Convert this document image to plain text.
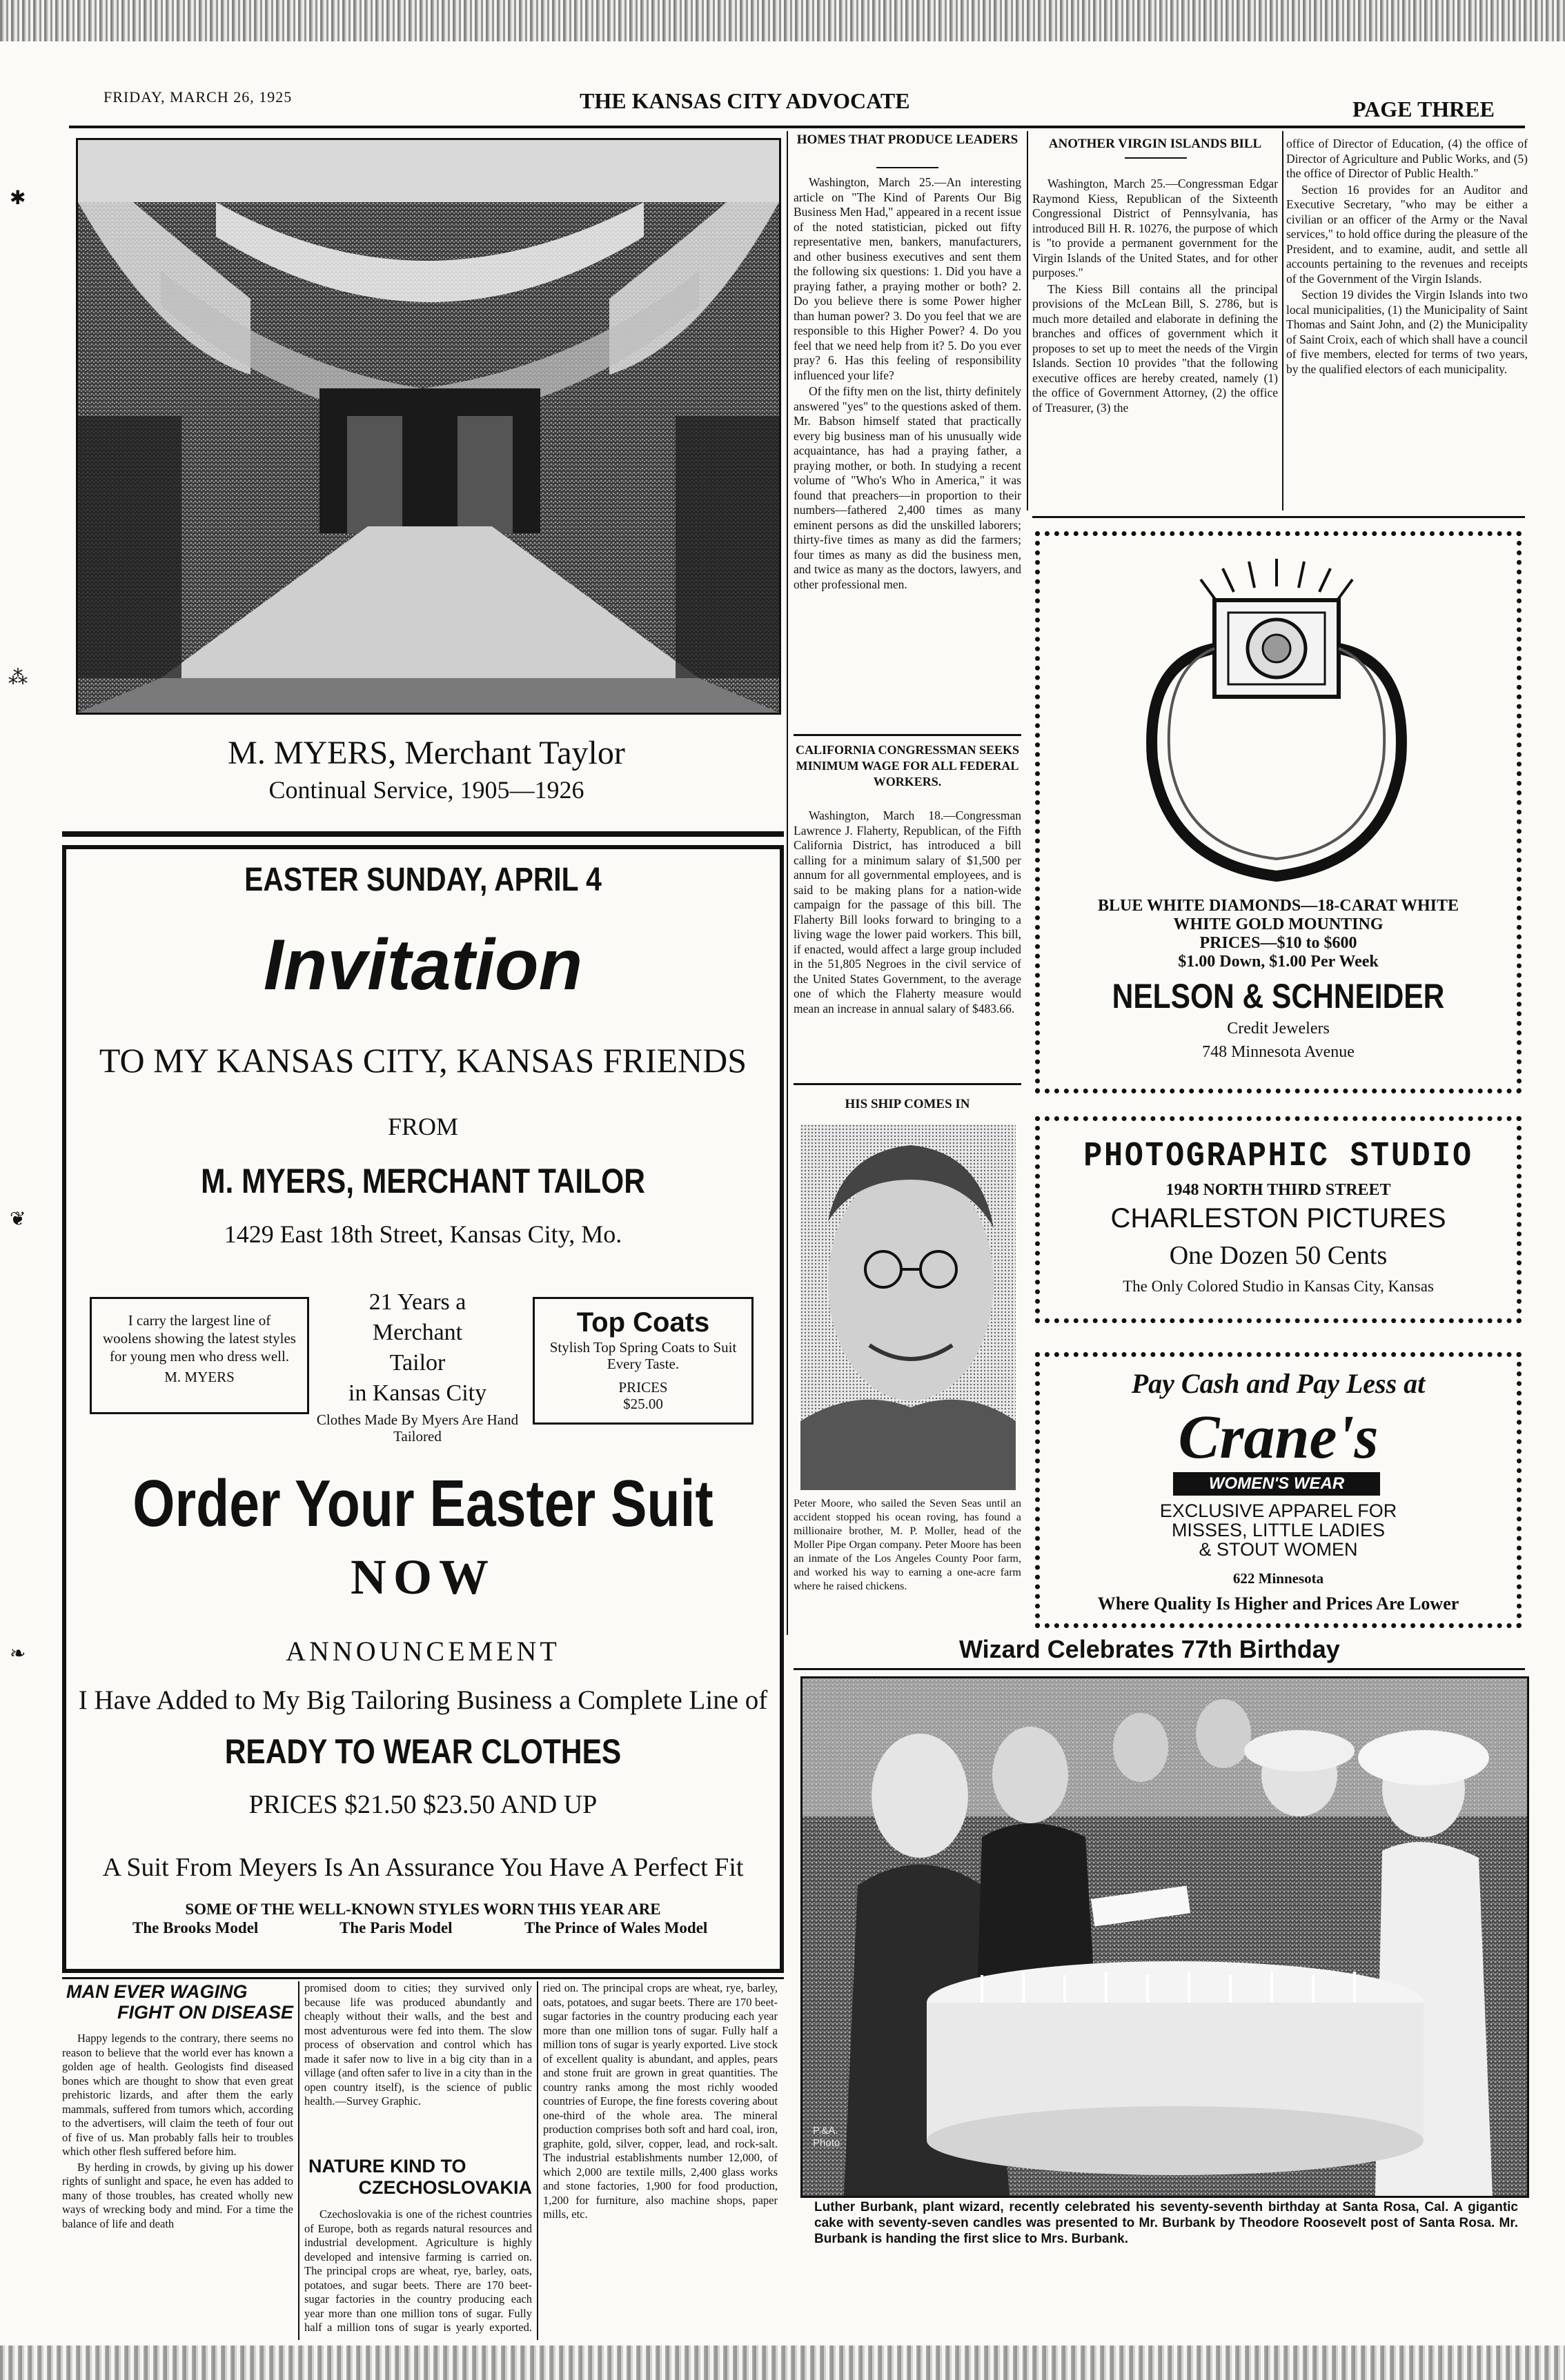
FRIDAY, MARCH 26, 1925	THE KANSAS CITY ADVOCATE	PAGE THREE
M. MYERS, Merchant Taylor
Continual Service, 1905—1926
EASTER SUNDAY, APRIL 4
Invitation
TO MY KANSAS CITY, KANSAS FRIENDS
FROM
M. MYERS, MERCHANT TAILOR
1429 East 18th Street, Kansas City, Mo.
I carry the largest line of woolens showing the latest styles for young men who dress well.
M. MYERS
21 Years a
Merchant
Tailor
in Kansas City
Clothes Made By Myers Are Hand Tailored
Top Coats
Stylish Top Spring Coats to Suit Every Taste.
PRICES
$25.00
Order Your Easter Suit
NOW
ANNOUNCEMENT
I Have Added to My Big Tailoring Business a Complete Line of
READY TO WEAR CLOTHES
PRICES $21.50 $23.50 AND UP
A Suit From Meyers Is An Assurance You Have A Perfect Fit
SOME OF THE WELL-KNOWN STYLES WORN THIS YEAR ARE
The Brooks Model	The Paris Model	The Prince of Wales Model
MAN EVER WAGING
FIGHT ON DISEASE

Happy legends to the contrary, there seems no reason to believe that the world ever has known a golden age of health. Geologists find diseased bones which are thought to show that even great prehistoric lizards, and after them the early mammals, suffered from tumors which, according to the advertisers, will claim the teeth of four out of five of us. Man probably falls heir to troubles which other flesh suffered before him.

By herding in crowds, by giving up his dower rights of sunlight and space, he even has added to many of those troubles, has created wholly new ways of wrecking body and mind. For a time the balance of life and death

promised doom to cities; they survived only because life was produced abundantly and cheaply without their walls, and the best and most adventurous were fed into them. The slow process of observation and control which has made it safer now to live in a big city than in a village (and often safer to live in a city than in the open country itself), is the science of public health.—Survey Graphic.

NATURE KIND TO
CZECHOSLOVAKIA

Czechoslovakia is one of the richest countries of Europe, both as regards natural resources and industrial development. Agriculture is highly developed and intensive farming is carried on. The principal crops are wheat, rye, barley, oats, potatoes, and sugar beets. There are 170 beet-sugar factories in the country producing each year more than one million tons of sugar. Fully half a million tons of sugar is yearly exported.

ried on. The principal crops are wheat, rye, barley, oats, potatoes, and sugar beets. There are 170 beet-sugar factories in the country producing each year more than one million tons of sugar. Fully half a million tons of sugar is yearly exported. Live stock of excellent quality is abundant, and apples, pears and stone fruit are grown in great quantities. The country ranks among the most richly wooded countries of Europe, the fine forests covering about one-third of the whole area. The mineral production comprises both soft and hard coal, iron, graphite, gold, silver, copper, lead, and rock-salt. The industrial establishments number 12,000, of which 2,000 are textile mills, 2,400 glass works and stone factories, 1,900 for food production, 1,200 for furniture, also machine shops, paper mills, etc.

HOMES THAT PRODUCE LEADERS

Washington, March 25.—An interesting article on "The Kind of Parents Our Big Business Men Had," appeared in a recent issue of the noted statistician, picked out fifty representative men, bankers, manufacturers, and other business executives and sent them the following six questions: 1. Did you have a praying father, a praying mother or both? 2. Do you believe there is some Power higher than human power? 3. Do you feel that we are responsible to this Higher Power? 4. Do you feel that we need help from it? 5. Do you ever pray? 6. Has this feeling of responsibility influenced your life?

Of the fifty men on the list, thirty definitely answered "yes" to the questions asked of them. Mr. Babson himself stated that practically every big business man of his unusually wide acquaintance, has had a praying father, a praying mother, or both. In studying a recent volume of "Who's Who in America," it was found that preachers—in proportion to their numbers—fathered 2,400 times as many eminent persons as did the unskilled laborers; thirty-five times as many as did the farmers; four times as many as did the business men, and twice as many as the doctors, lawyers, and other professional men.

CALIFORNIA CONGRESSMAN SEEKS MINIMUM WAGE FOR ALL FEDERAL WORKERS.

Washington, March 18.—Congressman Lawrence J. Flaherty, Republican, of the Fifth California District, has introduced a bill calling for a minimum salary of $1,500 per annum for all governmental employees, and is said to be making plans for a nation-wide campaign for the passage of this bill. The Flaherty Bill looks forward to bringing to a living wage the lower paid workers. This bill, if enacted, would affect a large group included in the 51,805 Negroes in the civil service of the United States Government, to the average one of which the Flaherty measure would mean an increase in annual salary of $483.66.

HIS SHIP COMES IN
Peter Moore, who sailed the Seven Seas until an accident stopped his ocean roving, has found a millionaire brother, M. P. Moller, head of the Moller Pipe Organ company. Peter Moore has been an inmate of the Los Angeles County Poor farm, and worked his way to earning a one-acre farm where he raised chickens.
ANOTHER VIRGIN ISLANDS BILL

Washington, March 25.—Congressman Edgar Raymond Kiess, Republican of the Sixteenth Congressional District of Pennsylvania, has introduced Bill H. R. 10276, the purpose of which is "to provide a permanent government for the Virgin Islands of the United States, and for other purposes."

The Kiess Bill contains all the principal provisions of the McLean Bill, S. 2786, but is much more detailed and elaborate in defining the branches and offices of government which it proposes to set up to meet the needs of the Virgin Islands. Section 10 provides "that the following executive offices are hereby created, namely (1) the office of Government Attorney, (2) the office of Treasurer, (3) the

office of Director of Education, (4) the office of Director of Agriculture and Public Works, and (5) the office of Director of Public Health."

Section 16 provides for an Auditor and Executive Secretary, "who may be either a civilian or an officer of the Army or the Naval services," to hold office during the pleasure of the President, and to examine, audit, and settle all accounts pertaining to the revenues and receipts of the Government of the Virgin Islands.

Section 19 divides the Virgin Islands into two local municipalities, (1) the Municipality of Saint Thomas and Saint John, and (2) the Municipality of Saint Croix, each of which shall have a council of five members, elected for terms of two years, by the qualified electors of each municipality.

BLUE WHITE DIAMONDS—18-CARAT WHITE
WHITE GOLD MOUNTING
PRICES—$10 to $600
$1.00 Down, $1.00 Per Week
NELSON & SCHNEIDER
Credit Jewelers
748 Minnesota Avenue
PHOTOGRAPHIC STUDIO
1948 NORTH THIRD STREET
CHARLESTON PICTURES
One Dozen 50 Cents
The Only Colored Studio in Kansas City, Kansas
Pay Cash and Pay Less at
Crane's
WOMEN'S WEAR
EXCLUSIVE APPAREL FOR
MISSES, LITTLE LADIES
& STOUT WOMEN
622 Minnesota
Where Quality Is Higher and Prices Are Lower
Wizard Celebrates 77th Birthday
P.&A. Photo
Luther Burbank, plant wizard, recently celebrated his seventy-seventh birthday at Santa Rosa, Cal. A gigantic cake with seventy-seven candles was presented to Mr. Burbank by Theodore Roosevelt post of Santa Rosa. Mr. Burbank is handing the first slice to Mrs. Burbank.
✱
⁂
❦
❧
